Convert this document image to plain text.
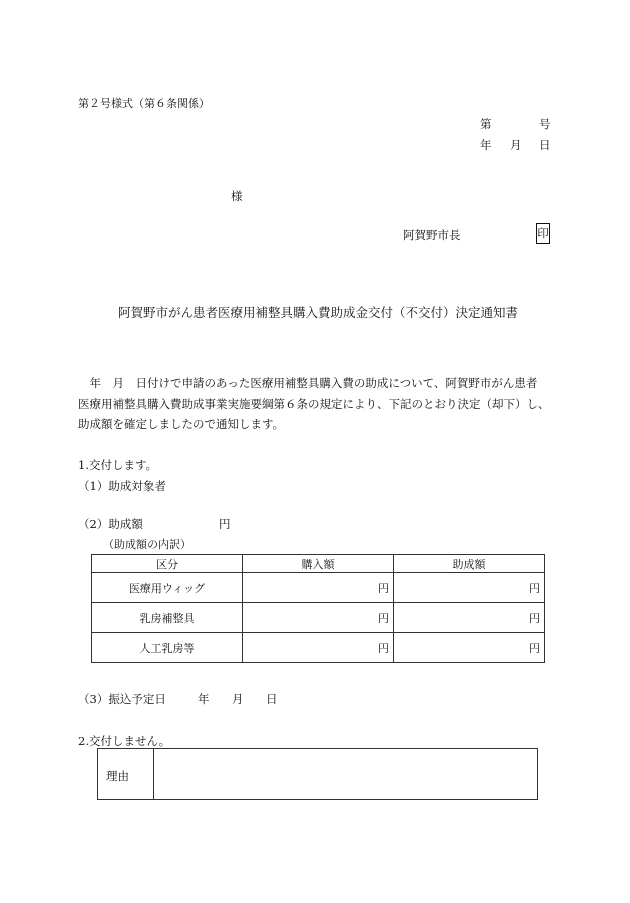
第２号様式（第６条関係）
第	号
年 月 日
様
阿賀野市長	印
阿賀野市がん患者医療用補整具購入費助成金交付（不交付）決定通知書
　年　月　日付けで申請のあった医療用補整具購入費の助成について、阿賀野市がん患者
医療用補整具購入費助成事業実施要綱第６条の規定により、下記のとおり決定（却下）し、
助成額を確定しましたので通知します。
1.交付します。
（1）助成対象者
（2）助成額	円
（助成額の内訳）
区分	購入額	助成額
医療用ウィッグ	円	円
乳房補整具	円	円
人工乳房等	円	円
（3）振込予定日	年 月 日
2.交付しません。
理由
